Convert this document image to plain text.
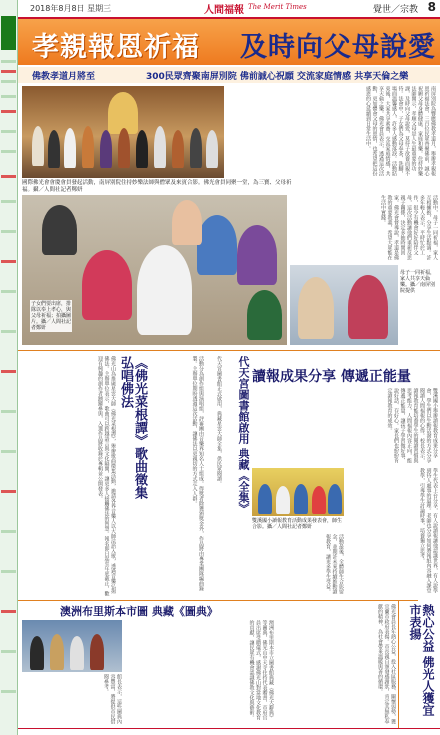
2018年8月8日 星期三	人間福報 The Merit Times	覺世／宗教 8
孝親報恩祈福 及時向父母說愛
佛教孝道月將至	300民眾齊聚南屏別院 佛前誠心祝願 交流家庭情感 共享天倫之樂
國際佛光會會慶會員發起活動，南屏別院住持妙樂法師與僧眾及來賓合影。佛光會員同聚一堂，為三寶、父母祈福。攝／人間社記者鄭妍
南屏別院為響應佛教孝道月，舉辦孝親報恩祈福法會，三百位民眾齊聚佛前，誠心祝願父母身體健康、家庭和樂。住持妙樂法師開示，孝順父母是人生最重要的功課，及時向父母說愛，莫待子欲養而親不待。法會中，子女們為父母奉茶、洗腳，場面溫馨感人，許多人感動落淚。活動結束後，大家共享素齋，交流家庭情感，共享天倫之樂。佛光會員表示，透過這次活動，更加體會父母的恩情，也希望把這份感恩的心延續到日常生活中。
子女們要出席，排隊以奉上孝心，與父母祈福；拍攝圖片。攝／人間社記者鄭妍
母子一同祈福，家人共享天倫樂。攝／南屏別院提供
活動中，母子一同祈福，家人互相擁抱，分享生活點滴。許多年輕人表示，平時忙於工作，很少有機會好好陪伴父母，這次活動讓他們重新反思親子關係，決定多抽時間回家。佛光會督導說，孝道是佛教的重要教義，希望大眾能在生活中實踐。
《佛光菜根譚》歌曲徵集 弘唱佛法
佛光山為推廣星雲大師《佛光菜根譚》，舉辦歌曲徵集活動，邀請各界音樂人以大師法語入歌，透過音樂弘揚佛法。主辦單位表示，歌曲可以跨越語言與文化隔閡，讓更多人接觸佛法的智慧。報名即日起至年底截止，歡迎有興趣的創作者踴躍參與，入選作品將收錄於專輯並公開發表。	活動分為創作組與演唱組，評審團由音樂界知名人士組成。得獎者除獲頒獎金外，作品將由專業團隊編曲錄製。主辦單位期盼透過這次活動，讓佛法以更親切的方式走入人群。	代天宮圖書館啟用 典藏《全集》
代天宮圖書館正式啟用，典藏星雲大師全集，供民眾閱讀。 讀報成果分享 傳遞正能量
雙溪國小舉辦讀報教育成果分享會，學生們以生動活潑的方式分享閱讀人間福報的心得。校長表示，讀報教育能培養學生的閱讀習慣與思考能力，人間福報內容正向，能傳遞正能量，讓孩子學習做好事、說好話、存好心。家長們也紛紛肯定讀報教育的成效。
雙溪國小讀報教育活動成果發表會，師生合影。攝／人間社記者鄭妍	學生代表上台分享，有人說讀報讓他認識世界，有人說學到待人處事的道理。老師也分享如何將報紙內容融入課堂教學，引導學生討論時事，培養獨立思考。
活動最後，全體師生合影留念，並期許未來持續推動讀報教育，讓更多學生受益。
澳洲布里斯本市圖 典藏《圖典》
澳洲布里斯本市立圖書館典藏《佛光大辭典》等圖典，佛光山中天寺住持代表贈書，市府官員出席受贈儀式，感謝佛光山對當地文化教育的貢獻，讓民眾有機會認識佛教文化與藝術。
館長表示，這些圖典內容豐富，將提供市民借閱參考。	佛光會員長年熱心公益，投入社區服務、關懷弱勢，獲宜蘭市政府表揚。市長親自頒發感謝狀，肯定其無私奉獻的精神，為社會帶來溫暖與善的循環。	熱心公益 佛光人獲宜市表揚
